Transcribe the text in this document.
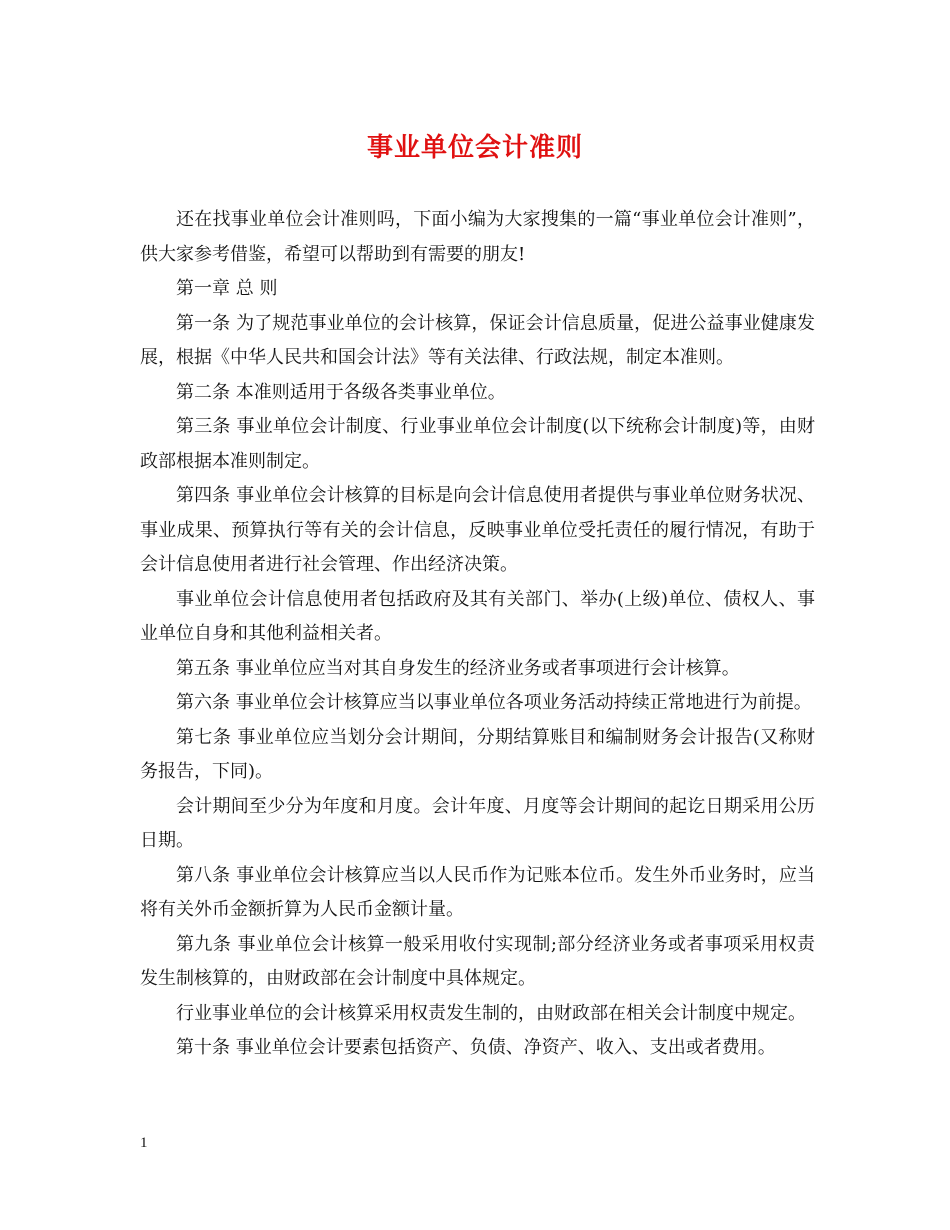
事业单位会计准则

还在找事业单位会计准则吗，下面小编为大家搜集的一篇“事业单位会计准则”，供大家参考借鉴，希望可以帮助到有需要的朋友!

第一章 总 则

第一条 为了规范事业单位的会计核算，保证会计信息质量，促进公益事业健康发展，根据《中华人民共和国会计法》等有关法律、行政法规，制定本准则。

第二条 本准则适用于各级各类事业单位。

第三条 事业单位会计制度、行业事业单位会计制度(以下统称会计制度)等，由财政部根据本准则制定。

第四条 事业单位会计核算的目标是向会计信息使用者提供与事业单位财务状况、事业成果、预算执行等有关的会计信息，反映事业单位受托责任的履行情况，有助于会计信息使用者进行社会管理、作出经济决策。

事业单位会计信息使用者包括政府及其有关部门、举办(上级)单位、债权人、事业单位自身和其他利益相关者。

第五条 事业单位应当对其自身发生的经济业务或者事项进行会计核算。

第六条 事业单位会计核算应当以事业单位各项业务活动持续正常地进行为前提。

第七条 事业单位应当划分会计期间，分期结算账目和编制财务会计报告(又称财务报告，下同)。

会计期间至少分为年度和月度。会计年度、月度等会计期间的起讫日期采用公历日期。

第八条 事业单位会计核算应当以人民币作为记账本位币。发生外币业务时，应当将有关外币金额折算为人民币金额计量。

第九条 事业单位会计核算一般采用收付实现制;部分经济业务或者事项采用权责发生制核算的，由财政部在会计制度中具体规定。

行业事业单位的会计核算采用权责发生制的，由财政部在相关会计制度中规定。

第十条 事业单位会计要素包括资产、负债、净资产、收入、支出或者费用。

1
